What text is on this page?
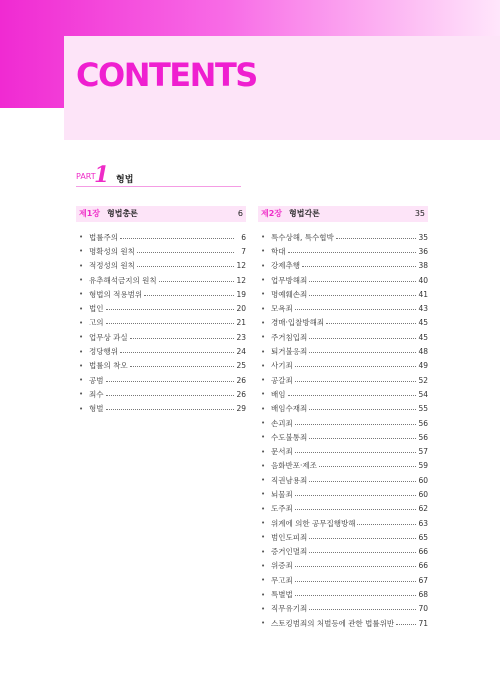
CONTENTS
PART
1 형법
제1장 형법총론	6
• 법률주의	6
• 명확성의 원칙	7
• 적정성의 원칙	12
• 유추해석금지의 원칙	12
• 형법의 적용범위	19
• 법인	20
• 고의	21
• 업무상 과실	23
• 정당행위	24
• 법률의 착오	25
• 공범	26
• 죄수	26
• 형벌	29
제2장 형법각론	35
• 특수상해, 특수협박	35
• 학대	36
• 강제추행	38
• 업무방해죄	40
• 명예훼손죄	41
• 모욕죄	43
• 경매·입찰방해죄	45
• 주거침입죄	45
• 퇴거불응죄	48
• 사기죄	49
• 공갈죄	52
• 배임	54
• 배임수재죄	55
• 손괴죄	56
• 수도불통죄	56
• 문서죄	57
• 음화반포·제조	59
• 직권남용죄	60
• 뇌물죄	60
• 도주죄	62
• 위계에 의한 공무집행방해	63
• 범인도피죄	65
• 증거인멸죄	66
• 위증죄	66
• 무고죄	67
• 특별법	68
• 직무유기죄	70
• 스토킹범죄의 처벌등에 관한 법률위반	71
